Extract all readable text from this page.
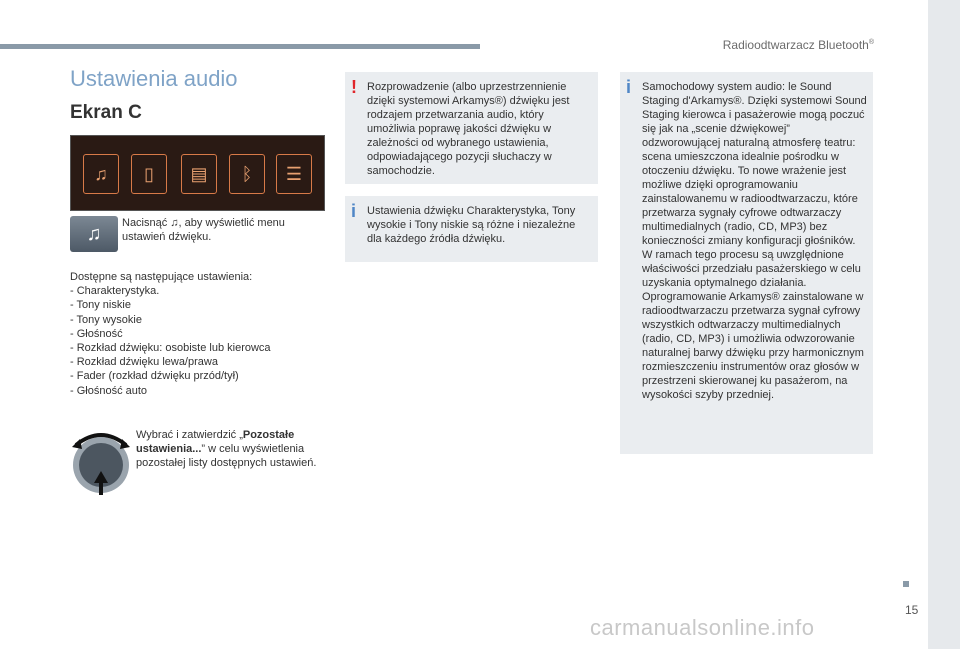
Radioodtwarzacz Bluetooth®
Ustawienia audio
Ekran C
♫	▯	▤	ᛒ	☰
♫	Nacisnąć ♫, aby wyświetlić menu ustawień dźwięku.
Dostępne są następujące ustawienia:
- Charakterystyka.
- Tony niskie
- Tony wysokie
- Głośność
- Rozkład dźwięku: osobiste lub kierowca
- Rozkład dźwięku lewa/prawa
- Fader (rozkład dźwięku przód/tył)
- Głośność auto
Wybrać i zatwierdzić „Pozostałe ustawienia...” w celu wyświetlenia pozostałej listy dostępnych ustawień.
! Rozprowadzenie (albo uprzestrzennienie dzięki systemowi Arkamys®) dźwięku jest rodzajem przetwarzania audio, który umożliwia poprawę jakości dźwięku w zależności od wybranego ustawienia, odpowiadającego pozycji słuchaczy w samochodzie.
i Ustawienia dźwięku Charakterystyka, Tony wysokie i Tony niskie są różne i niezależne dla każdego źródła dźwięku.
i Samochodowy system audio: le Sound Staging d'Arkamys®. Dzięki systemowi Sound Staging kierowca i pasażerowie mogą poczuć się jak na „scenie dźwiękowej” odzworowującej naturalną atmosferę teatru: scena umieszczona idealnie pośrodku w otoczeniu dźwięku. To nowe wrażenie jest możliwe dzięki oprogramowaniu zainstalowanemu w radioodtwarzaczu, które przetwarza sygnały cyfrowe odtwarzaczy multimedialnych (radio, CD, MP3) bez konieczności zmiany konfiguracji głośników. W ramach tego procesu są uwzględnione właściwości przedziału pasażerskiego w celu uzyskania optymalnego działania. Oprogramowanie Arkamys® zainstalowane w radioodtwarzaczu przetwarza sygnał cyfrowy wszystkich odtwarzaczy multimedialnych (radio, CD, MP3) i umożliwia odwzorowanie naturalnej barwy dźwięku przy harmonicznym rozmieszczeniu instrumentów oraz głosów w przestrzeni skierowanej ku pasażerom, na wysokości szyby przedniej.
15
carmanualsonline.info
